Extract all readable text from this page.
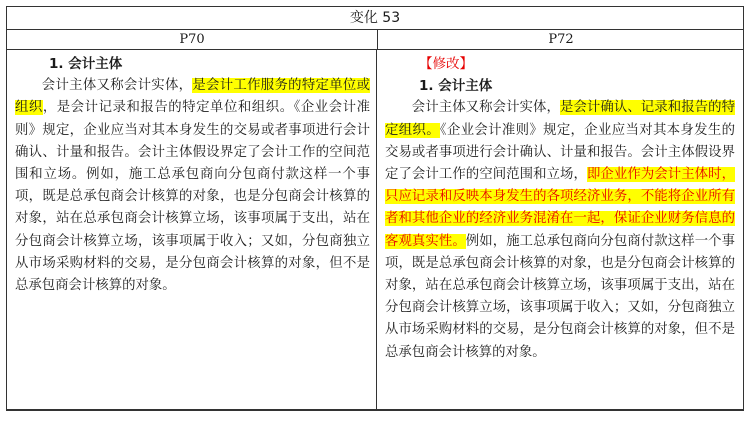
变化 53
P70	P72
1. 会计主体

会计主体又称会计实体，是会计工作服务的特定单位或组织，是会计记录和报告的特定单位和组织。《企业会计准则》规定，企业应当对其本身发生的交易或者事项进行会计确认、计量和报告。会计主体假设界定了会计工作的空间范围和立场。例如，施工总承包商向分包商付款这样一个事项，既是总承包商会计核算的对象，也是分包商会计核算的对象，站在总承包商会计核算立场，该事项属于支出，站在分包商会计核算立场，该事项属于收入；又如，分包商独立从市场采购材料的交易，是分包商会计核算的对象，但不是总承包商会计核算的对象。

【修改】
1. 会计主体

会计主体又称会计实体，是会计确认、记录和报告的特定组织。《企业会计准则》规定，企业应当对其本身发生的交易或者事项进行会计确认、计量和报告。会计主体假设界定了会计工作的空间范围和立场，即企业作为会计主体时，只应记录和反映本身发生的各项经济业务，不能将企业所有者和其他企业的经济业务混淆在一起，保证企业财务信息的客观真实性。例如，施工总承包商向分包商付款这样一个事项，既是总承包商会计核算的对象，也是分包商会计核算的对象，站在总承包商会计核算立场，该事项属于支出，站在分包商会计核算立场，该事项属于收入；又如，分包商独立从市场采购材料的交易，是分包商会计核算的对象，但不是总承包商会计核算的对象。
